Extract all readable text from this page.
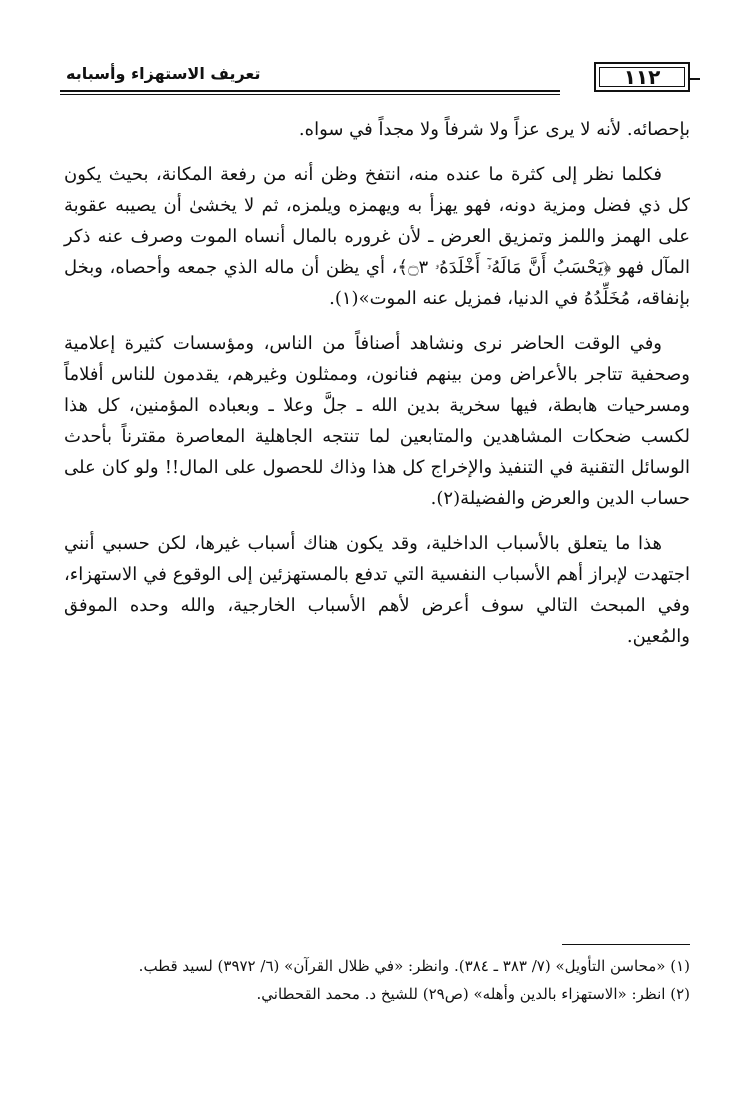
تعريف الاستهزاء وأسبابه	١١٢

بإحصائه. لأنه لا يرى عزاً ولا شرفاً ولا مجداً في سواه.

فكلما نظر إلى كثرة ما عنده منه، انتفخ وظن أنه من رفعة المكانة، بحيث يكون كل ذي فضل ومزية دونه، فهو يهزأ به ويهمزه ويلمزه، ثم لا يخشىٰ أن يصيبه عقوبة على الهمز واللمز وتمزيق العرض ـ لأن غروره بالمال أنساه الموت وصرف عنه ذكر المآل فهو ﴿يَحْسَبُ أَنَّ مَالَهُۥٓ أَخْلَدَهُۥ ۝٣﴾، أي يظن أن ماله الذي جمعه وأحصاه، وبخل بإنفاقه، مُخَلِّدُهُ في الدنيا، فمزيل عنه الموت»(١).

وفي الوقت الحاضر نرى ونشاهد أصنافاً من الناس، ومؤسسات كثيرة إعلامية وصحفية تتاجر بالأعراض ومن بينهم فنانون، وممثلون وغيرهم، يقدمون للناس أفلاماً ومسرحيات هابطة، فيها سخرية بدين الله ـ جلَّ وعلا ـ وبعباده المؤمنين، كل هذا لكسب ضحكات المشاهدين والمتابعين لما تنتجه الجاهلية المعاصرة مقترناً بأحدث الوسائل التقنية في التنفيذ والإخراج كل هذا وذاك للحصول على المال!! ولو كان على حساب الدين والعرض والفضيلة(٢).

هذا ما يتعلق بالأسباب الداخلية، وقد يكون هناك أسباب غيرها، لكن حسبي أنني اجتهدت لإبراز أهم الأسباب النفسية التي تدفع بالمستهزئين إلى الوقوع في الاستهزاء، وفي المبحث التالي سوف أعرض لأهم الأسباب الخارجية، والله وحده الموفق والمُعين.

(١) «محاسن التأويل» (٧/ ٣٨٣ ـ ٣٨٤). وانظر: «في ظلال القرآن» (٦/ ٣٩٧٢) لسيد قطب.

(٢) انظر: «الاستهزاء بالدين وأهله» (ص٢٩) للشيخ د. محمد القحطاني.
